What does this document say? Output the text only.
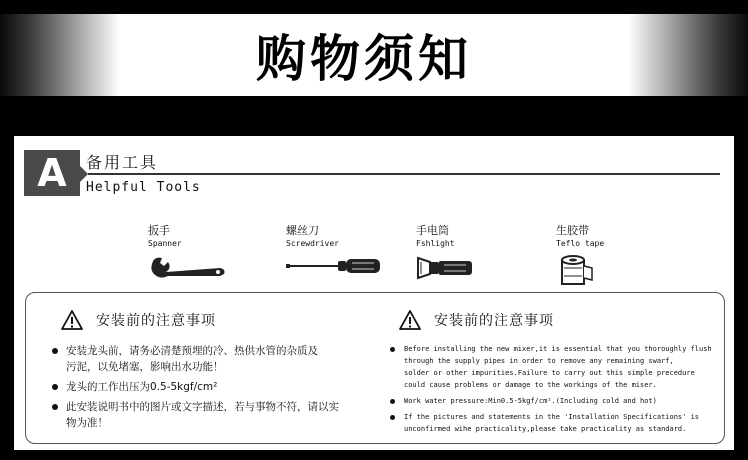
购物须知
A	备用工具
Helpful Tools
扳手
Spanner
螺丝刀
Screwdriver
手电筒
Fshlight
生胶带
Teflo tape
安装前的注意事项
安装龙头前，请务必清楚预埋的冷、热供水管的杂质及
污泥，以免堵塞，影响出水功能！
龙头的工作出压为0.5-5kgf/cm²
此安装说明书中的图片或文字描述，若与事物不符，请以实
物为准！
安装前的注意事项
Before installing the new mixer,it is essential that you thoroughly flush
through the supply pipes in order to remove any remaining swarf,
solder or other impurities.Failure to carry out this simple precedure
could cause problems or damage to the workings of the miser.
Work water pressure:Min0.5-5kgf/cm².(Including cold and hot)
If the pictures and statements in the 'Installation Specifications' is
unconfirmed wihe practicality,please take practicality as standard.
